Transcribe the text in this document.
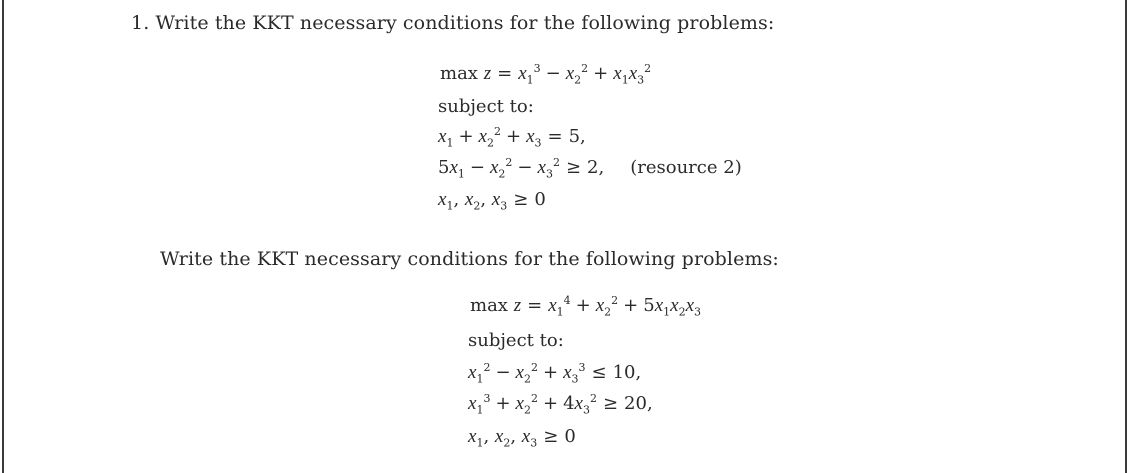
1. Write the KKT necessary conditions for the following problems:
$\max z = x_1^3 - x_2^2 + x_1x_3^2$
subject to:
$x_1 + x_2^2 + x_3 = 5$,
$5x_1 - x_2^2 - x_3^2 \ge 2$, (resource 2)
$x_1$, $x_2$, $x_3 \ge 0$
Write the KKT necessary conditions for the following problems:
$\max z = x_1^4 + x_2^2 + 5x_1x_2x_3$
subject to:
$x_1^2 - x_2^2 + x_3^3 \le 10$,
$x_1^3 + x_2^2 + 4x_3^2 \ge 20$,
$x_1$, $x_2$, $x_3 \ge 0$
